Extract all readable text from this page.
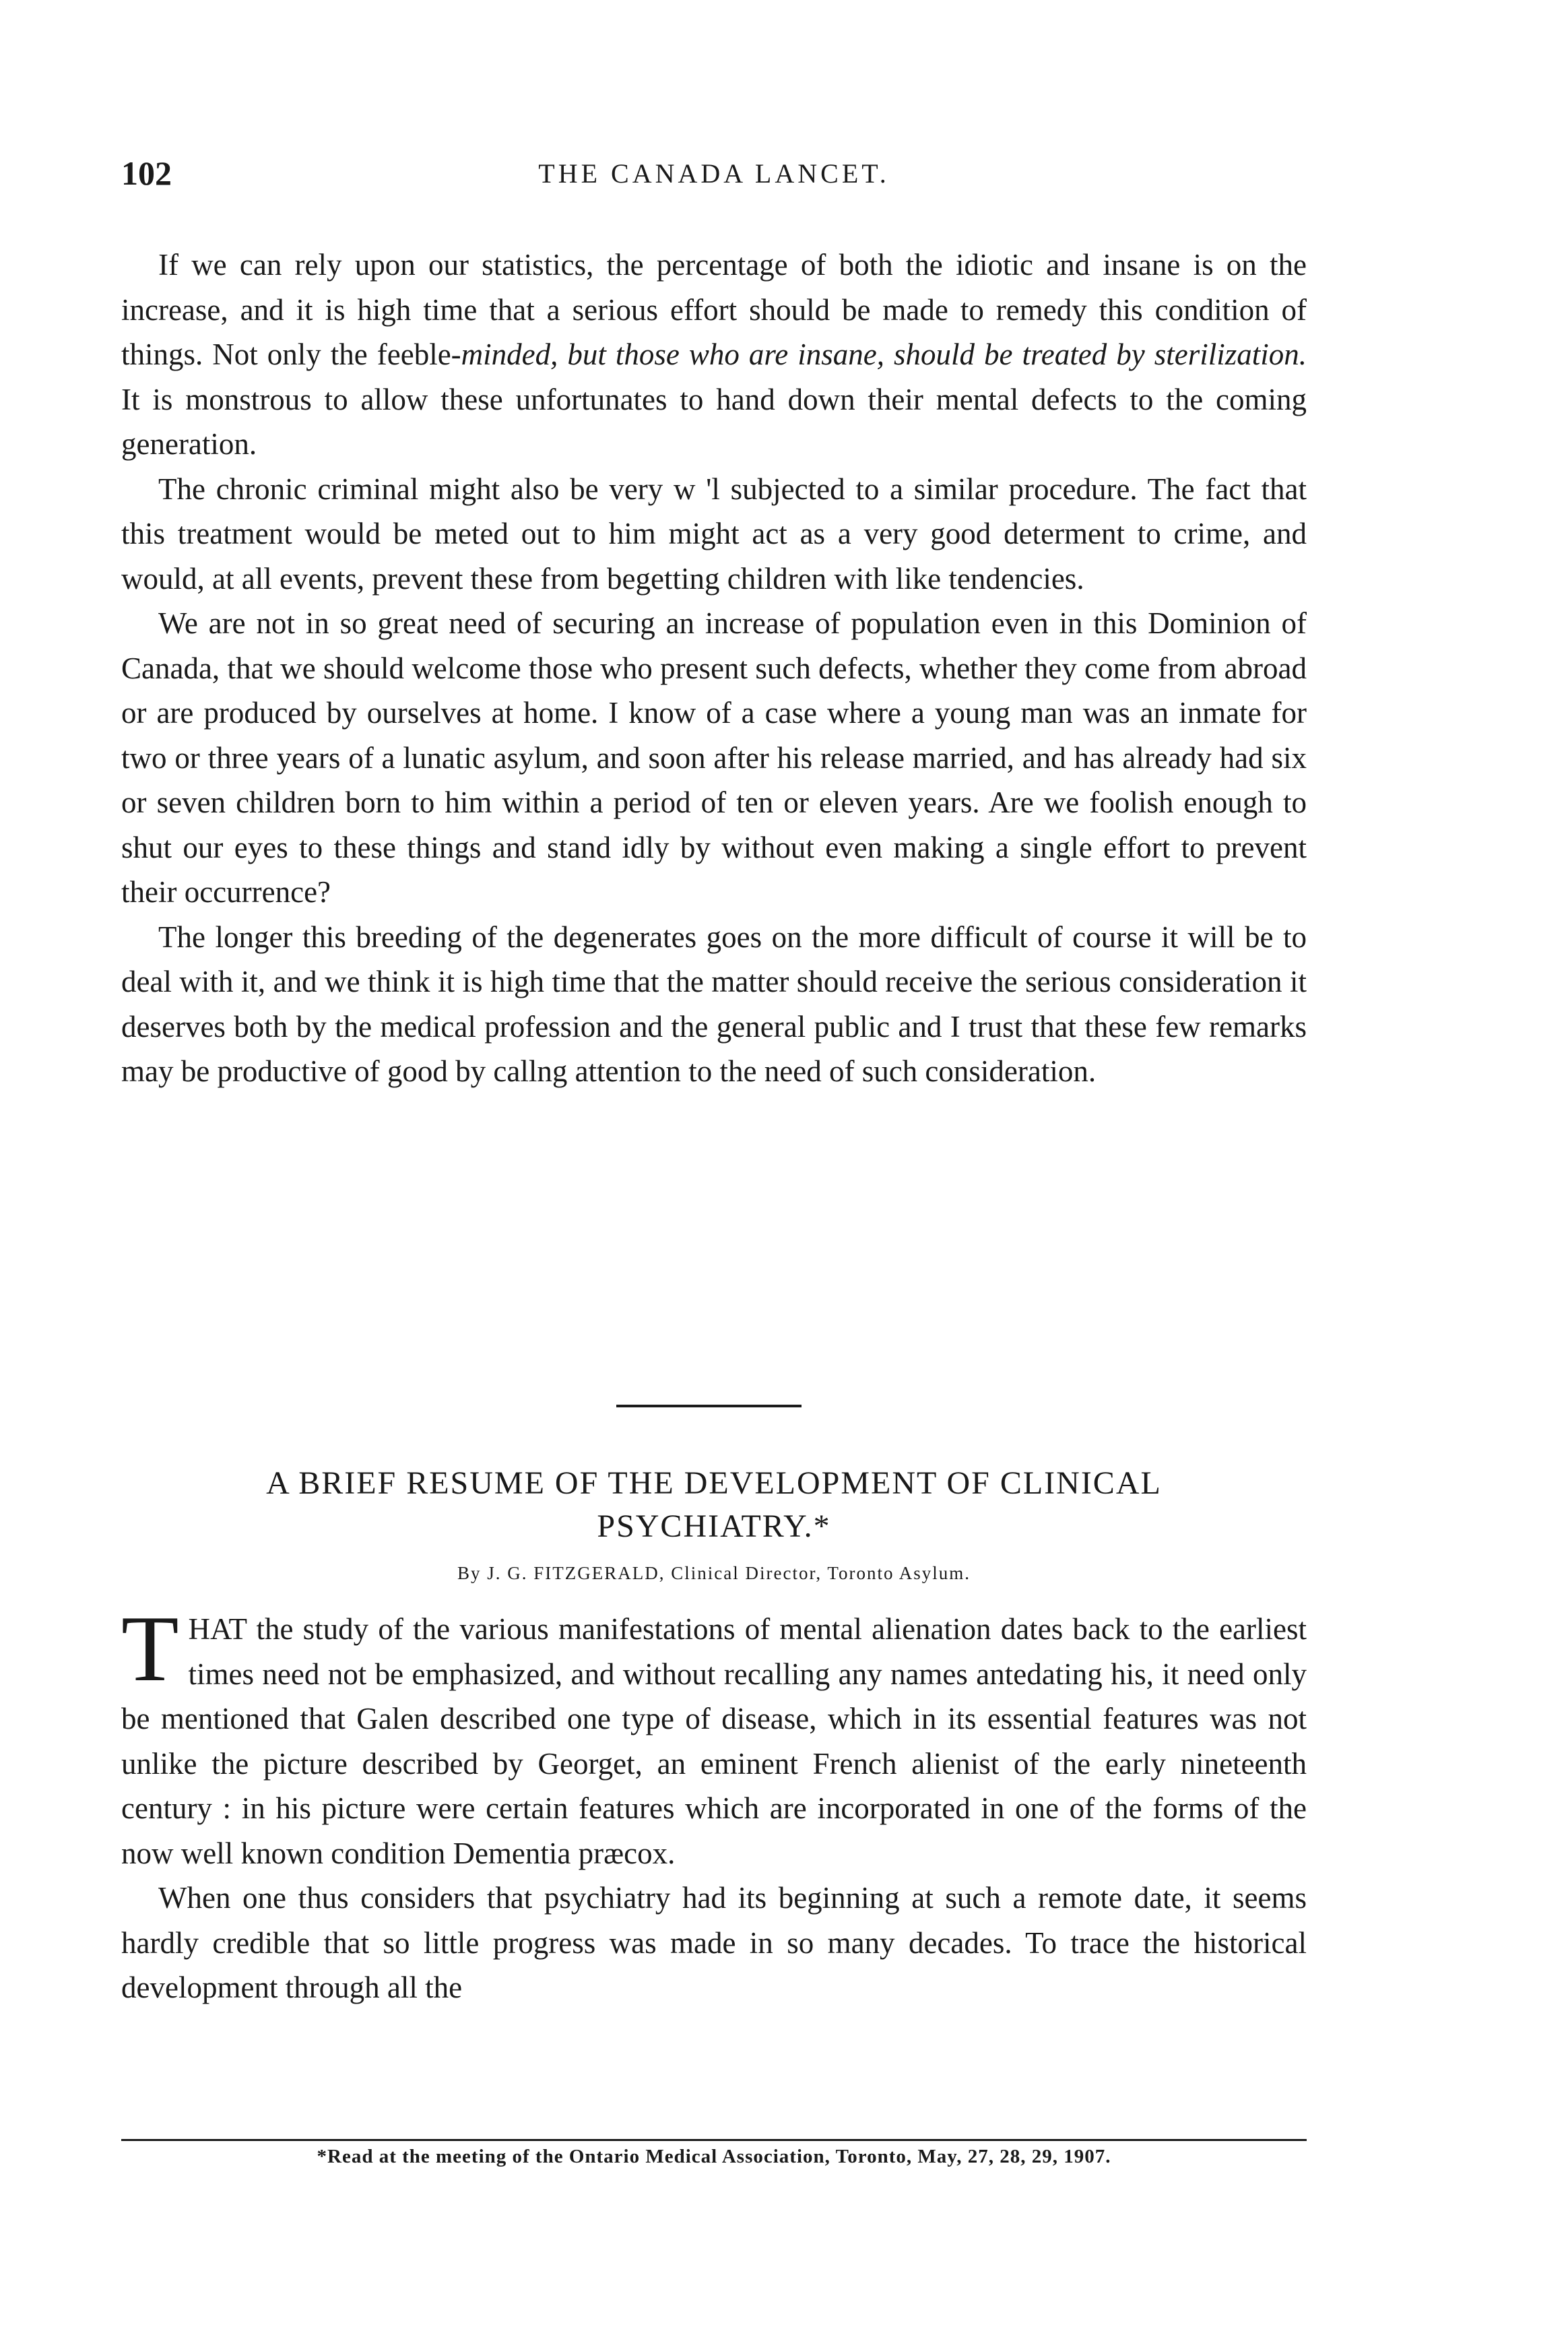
102	THE CANADA LANCET.

If we can rely upon our statistics, the percentage of both the idiotic and insane is on the increase, and it is high time that a serious effort should be made to remedy this condition of things. Not only the feeble-minded, but those who are insane, should be treated by sterilization. It is monstrous to allow these unfortunates to hand down their mental defects to the coming generation.

The chronic criminal might also be very w 'l subjected to a similar procedure. The fact that this treatment would be meted out to him might act as a very good determent to crime, and would, at all events, prevent these from begetting children with like tendencies.

We are not in so great need of securing an increase of population even in this Dominion of Canada, that we should welcome those who present such defects, whether they come from abroad or are produced by ourselves at home. I know of a case where a young man was an inmate for two or three years of a lunatic asylum, and soon after his release married, and has already had six or seven children born to him within a period of ten or eleven years. Are we foolish enough to shut our eyes to these things and stand idly by without even making a single effort to prevent their occurrence?

The longer this breeding of the degenerates goes on the more difficult of course it will be to deal with it, and we think it is high time that the matter should receive the serious consideration it deserves both by the medical profession and the general public and I trust that these few remarks may be productive of good by callng attention to the need of such consideration.

A BRIEF RESUME OF THE DEVELOPMENT OF CLINICAL
PSYCHIATRY.*
By J. G. FITZGERALD, Clinical Director, Toronto Asylum.

THAT the study of the various manifestations of mental alienation dates back to the earliest times need not be emphasized, and without recalling any names antedating his, it need only be mentioned that Galen described one type of disease, which in its essential features was not unlike the picture described by Georget, an eminent French alienist of the early nineteenth century : in his picture were certain features which are incorporated in one of the forms of the now well known condition Dementia præcox.

When one thus considers that psychiatry had its beginning at such a remote date, it seems hardly credible that so little progress was made in so many decades. To trace the historical development through all the

*Read at the meeting of the Ontario Medical Association, Toronto, May, 27, 28, 29, 1907.
